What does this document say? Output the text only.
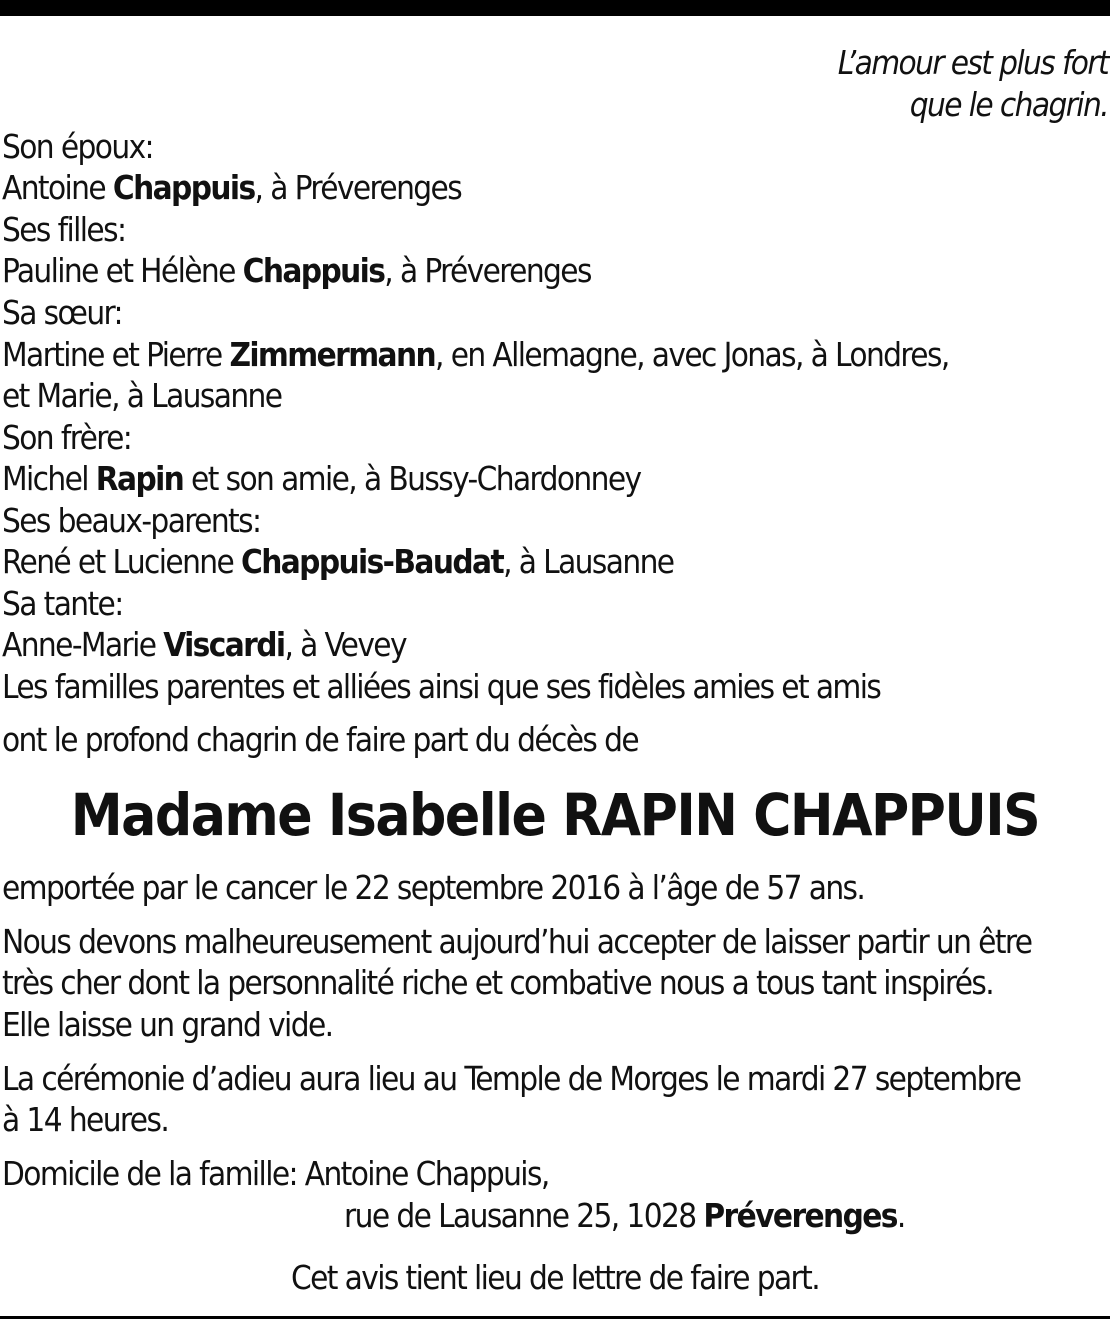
L’amour est plus fort
que le chagrin.
Son époux:
Antoine Chappuis, à Préverenges
Ses filles:
Pauline et Hélène Chappuis, à Préverenges
Sa sœur:
Martine et Pierre Zimmermann, en Allemagne, avec Jonas, à Londres,
et Marie, à Lausanne
Son frère:
Michel Rapin et son amie, à Bussy-Chardonney
Ses beaux-parents:
René et Lucienne Chappuis-Baudat, à Lausanne
Sa tante:
Anne-Marie Viscardi, à Vevey
Les familles parentes et alliées ainsi que ses fidèles amies et amis
ont le profond chagrin de faire part du décès de
Madame Isabelle RAPIN CHAPPUIS
emportée par le cancer le 22 septembre 2016 à l’âge de 57 ans.
Nous devons malheureusement aujourd’hui accepter de laisser partir un être
très cher dont la personnalité riche et combative nous a tous tant inspirés.
Elle laisse un grand vide.
La cérémonie d’adieu aura lieu au Temple de Morges le mardi 27 septembre
à 14 heures.
Domicile de la famille: Antoine Chappuis,
rue de Lausanne 25, 1028 Préverenges.
Cet avis tient lieu de lettre de faire part.
